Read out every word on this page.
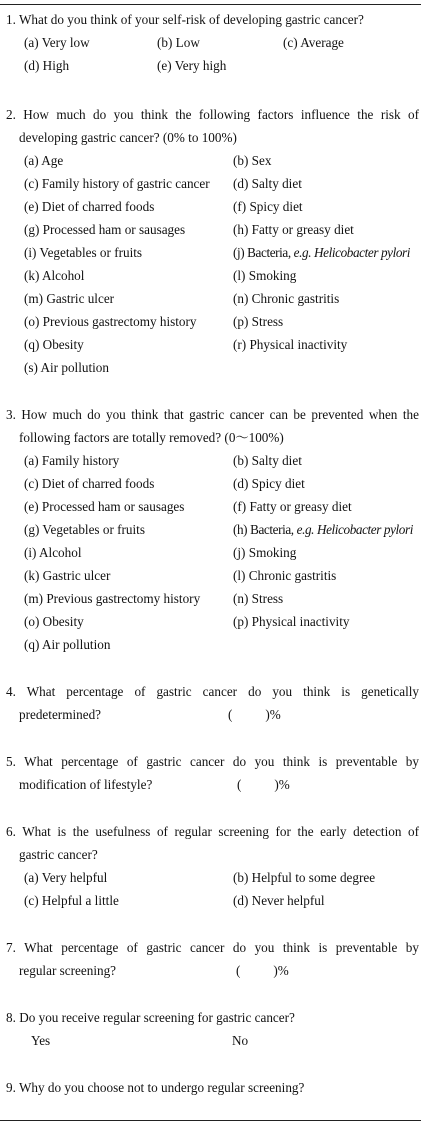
1. What do you think of your self-risk of developing gastric cancer?
(a) Very low	(b) Low	(c) Average
(d) High	(e) Very high
2. How much do you think the following factors influence the risk of
developing gastric cancer? (0% to 100%)
(a) Age	(b) Sex
(c) Family history of gastric cancer (d) Salty diet
(e) Diet of charred foods	(f) Spicy diet
(g) Processed ham or sausages	(h) Fatty or greasy diet
(i) Vegetables or fruits	(j) Bacteria, e.g. Helicobacter pylori
(k) Alcohol	(l) Smoking
(m) Gastric ulcer	(n) Chronic gastritis
(o) Previous gastrectomy history	(p) Stress
(q) Obesity	(r) Physical inactivity
(s) Air pollution
3. How much do you think that gastric cancer can be prevented when the
following factors are totally removed? (0～100%)
(a) Family history	(b) Salty diet
(c) Diet of charred foods	(d) Spicy diet
(e) Processed ham or sausages	(f) Fatty or greasy diet
(g) Vegetables or fruits	(h) Bacteria, e.g. Helicobacter pylori
(i) Alcohol	(j) Smoking
(k) Gastric ulcer	(l) Chronic gastritis
(m) Previous gastrectomy history (n) Stress
(o) Obesity	(p) Physical inactivity
(q) Air pollution
4. What percentage of gastric cancer do you think is genetically
predetermined?	(          )%
5. What percentage of gastric cancer do you think is preventable by
modification of lifestyle?	(          )%
6. What is the usefulness of regular screening for the early detection of
gastric cancer?
(a) Very helpful	(b) Helpful to some degree
(c) Helpful a little	(d) Never helpful
7. What percentage of gastric cancer do you think is preventable by
regular screening?	(          )%
8. Do you receive regular screening for gastric cancer?
Yes	No
9. Why do you choose not to undergo regular screening?
